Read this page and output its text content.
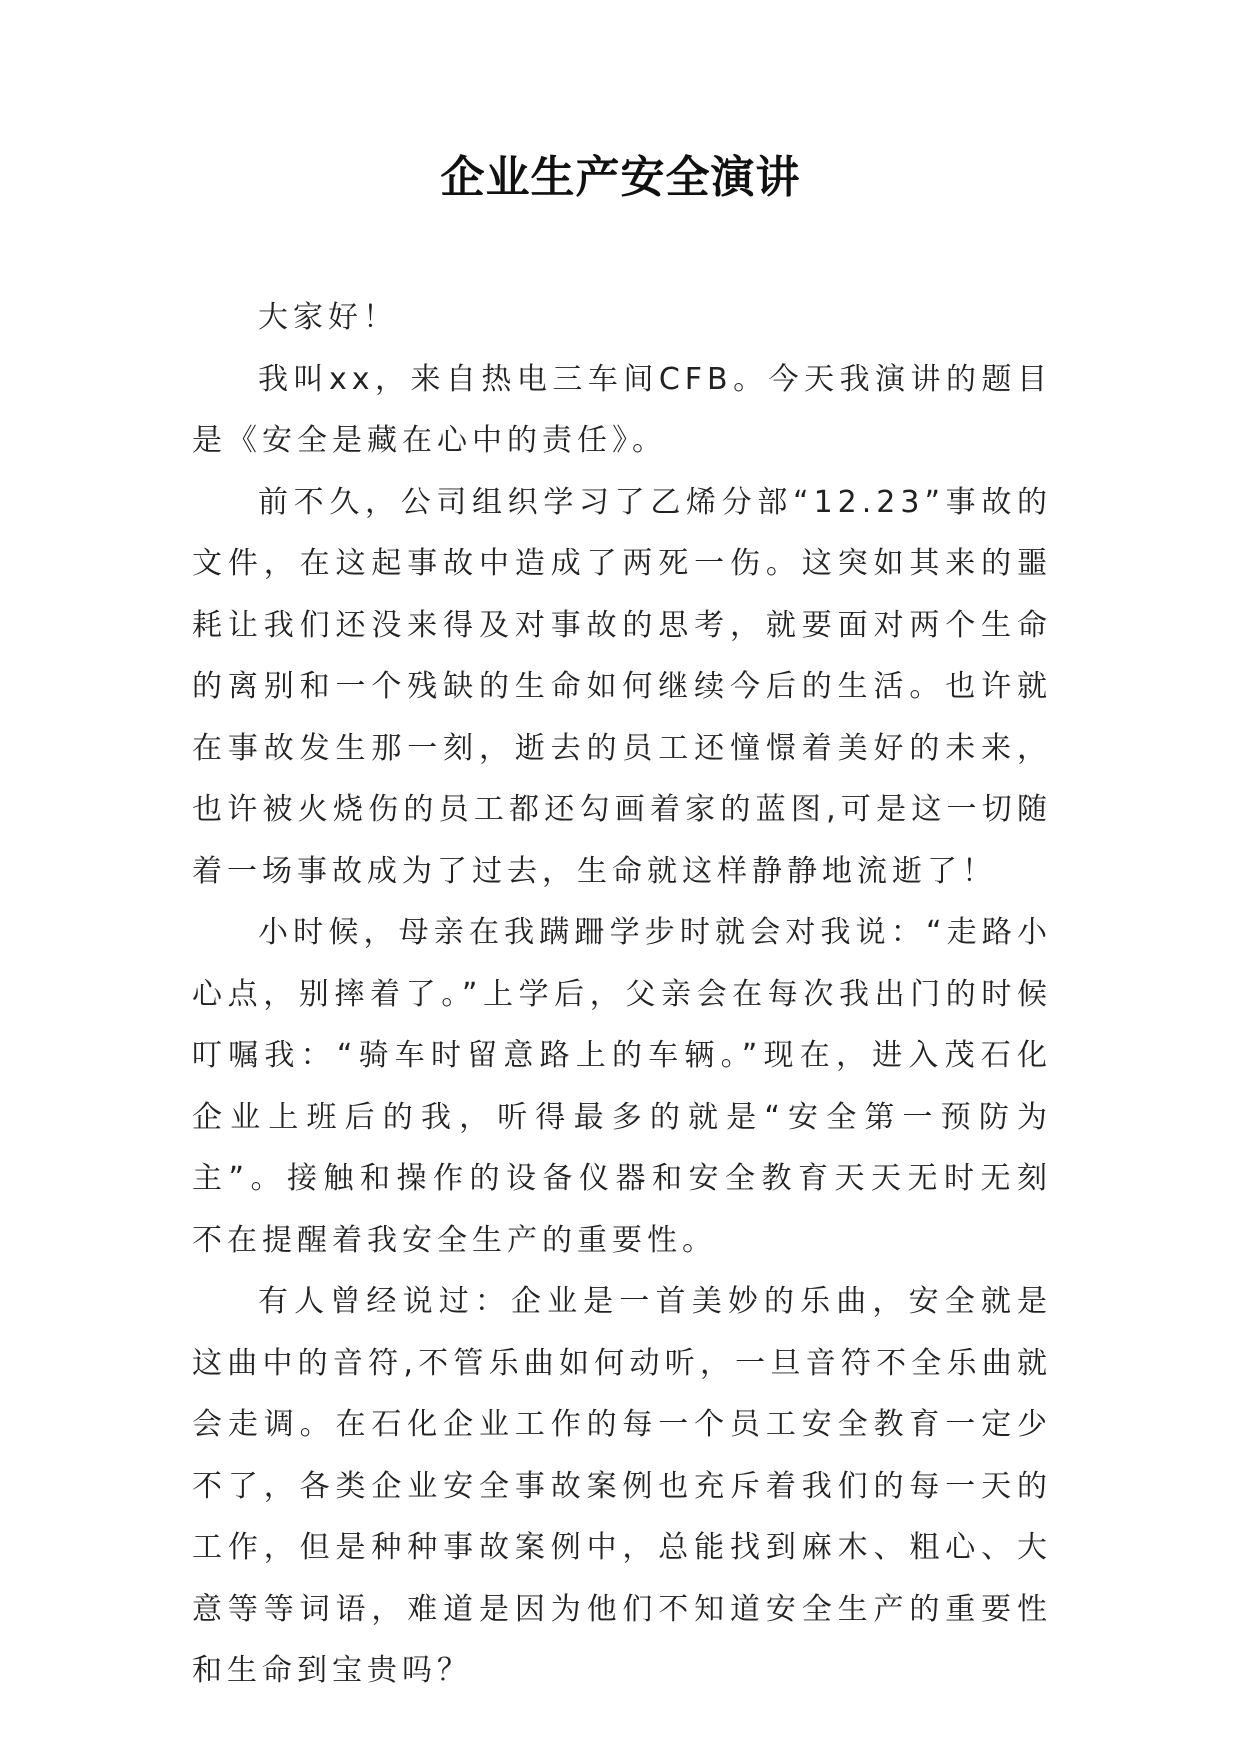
企业生产安全演讲

大家好！

我叫xx，来自热电三车间CFB。今天我演讲的题目是《安全是藏在心中的责任》。

前不久，公司组织学习了乙烯分部“12.23”事故的文件，在这起事故中造成了两死一伤。这突如其来的噩耗让我们还没来得及对事故的思考，就要面对两个生命的离别和一个残缺的生命如何继续今后的生活。也许就在事故发生那一刻，逝去的员工还憧憬着美好的未来，也许被火烧伤的员工都还勾画着家的蓝图,可是这一切随着一场事故成为了过去，生命就这样静静地流逝了！

小时候，母亲在我蹒跚学步时就会对我说：“走路小心点，别摔着了。”上学后，父亲会在每次我出门的时候叮嘱我：“骑车时留意路上的车辆。”现在，进入茂石化企业上班后的我，听得最多的就是“安全第一预防为主”。接触和操作的设备仪器和安全教育天天无时无刻不在提醒着我安全生产的重要性。

有人曾经说过：企业是一首美妙的乐曲，安全就是这曲中的音符,不管乐曲如何动听，一旦音符不全乐曲就会走调。在石化企业工作的每一个员工安全教育一定少不了，各类企业安全事故案例也充斥着我们的每一天的工作，但是种种事故案例中，总能找到麻木、粗心、大意等等词语，难道是因为他们不知道安全生产的重要性和生命到宝贵吗？
